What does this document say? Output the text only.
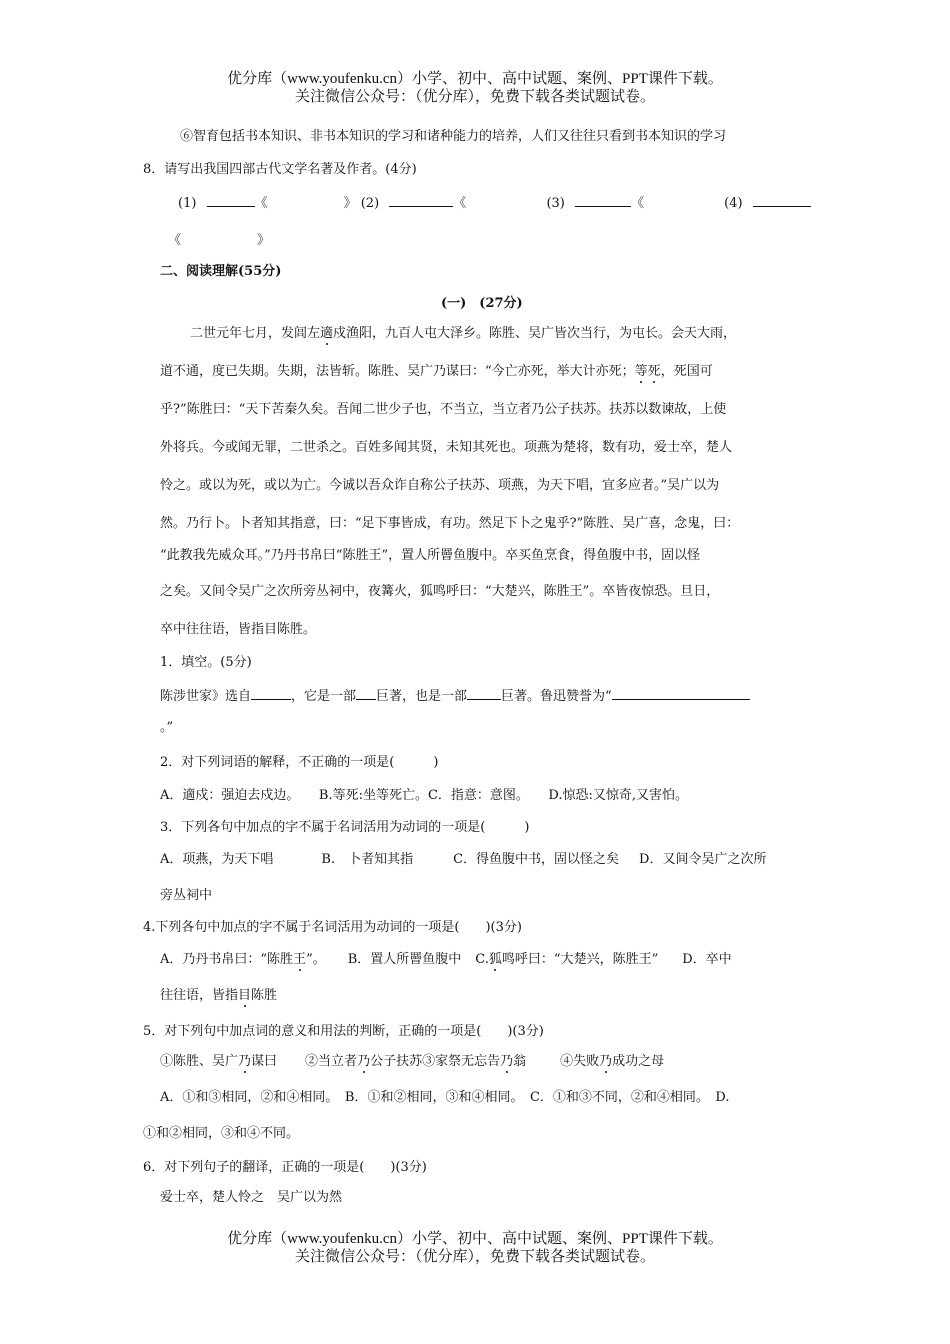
优分库（www.youfenku.cn）小学、初中、高中试题、案例、PPT课件下载。
关注微信公众号：（优分库），免费下载各类试题试卷。
⑥智育包括书本知识、非书本知识的学习和诸种能力的培养，人们又往往只看到书本知识的学习
8．请写出我国四部古代文学名著及作者。(4分)
(1)	《	》 (2)	《	(3)	《	(4)
《	》
二、阅读理解(55分)
(一)　(27分)
二世元年七月，发闾左適戍渔阳，九百人屯大泽乡。陈胜、吴广皆次当行，为屯长。会天大雨，
道不通，度已失期。失期，法皆斩。陈胜、吴广乃谋曰：“今亡亦死，举大计亦死；等死，死国可
乎?”陈胜曰：“天下苦秦久矣。吾闻二世少子也，不当立，当立者乃公子扶苏。扶苏以数谏故，上使
外将兵。今或闻无罪，二世杀之。百姓多闻其贤，未知其死也。项燕为楚将，数有功，爱士卒，楚人
怜之。或以为死，或以为亡。今诚以吾众诈自称公子扶苏、项燕，为天下唱，宜多应者。”吴广以为
然。乃行卜。卜者知其指意，曰：“足下事皆成，有功。然足下卜之鬼乎?”陈胜、吴广喜，念鬼，曰：
“此教我先威众耳。”乃丹书帛曰“陈胜王”，置人所罾鱼腹中。卒买鱼烹食，得鱼腹中书，固以怪
之矣。又间令吴广之次所旁丛祠中，夜篝火，狐鸣呼曰：“大楚兴，陈胜王”。卒皆夜惊恐。旦日，
卒中往往语，皆指目陈胜。
1．填空。(5分)
陈涉世家》选自	，它是一部 巨著，也是一部	巨著。鲁迅赞誉为“
。”
2．对下列词语的解释，不正确的一项是(　　　)
A．適戍：强迫去戍边。　　B.等死:坐等死亡。C．指意：意图。　　D.惊恐:又惊奇,又害怕。
3．下列各句中加点的字不属于名词活用为动词的一项是(　　　)
A．项燕，为天下唱	B.　卜者知其指	C．得鱼腹中书，固以怪之矣 D．又间令吴广之次所
旁丛祠中
4.下列各句中加点的字不属于名词活用为动词的一项是(　　)(3分)
A．乃丹书帛曰：“陈胜王”。 B．置人所罾鱼腹中 C.狐鸣呼曰：“大楚兴，陈胜王” D．卒中
往往语，皆指目陈胜
5．对下列句中加点词的意义和用法的判断，正确的一项是(　　)(3分)
①陈胜、吴广乃谋曰 ②当立者乃公子扶苏③家祭无忘告乃翁	④失败乃成功之母
A．①和③相同，②和④相同。　B．①和②相同，③和④相同。　C．①和③不同，②和④相同。　D.
①和②相同，③和④不同。
6．对下列句子的翻译，正确的一项是(　　)(3分)
爱士卒，楚人怜之　吴广以为然
优分库（www.youfenku.cn）小学、初中、高中试题、案例、PPT课件下载。
关注微信公众号：（优分库），免费下载各类试题试卷。
